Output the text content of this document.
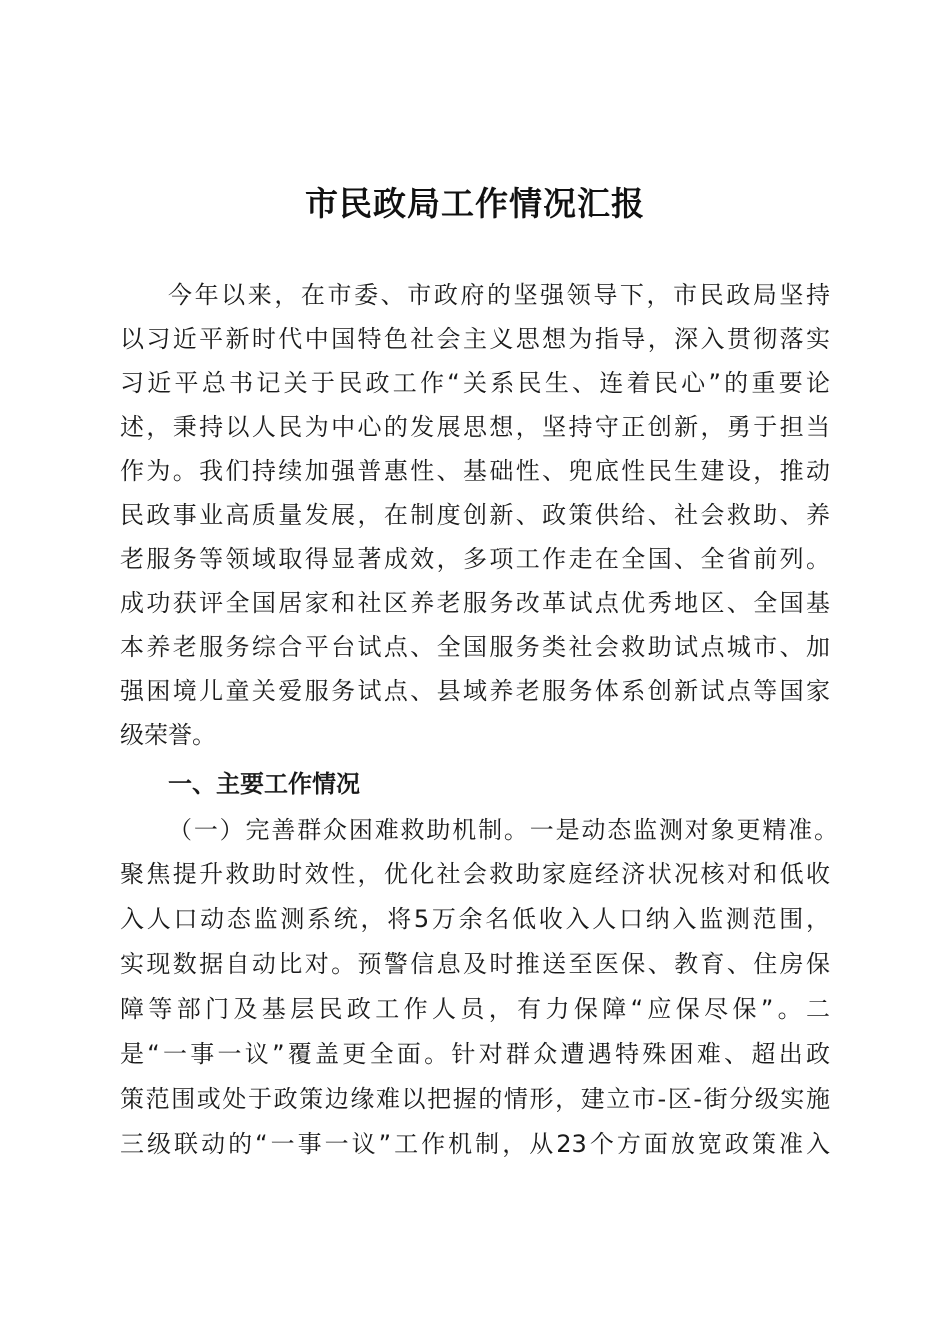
市民政局工作情况汇报

今年以来，在市委、市政府的坚强领导下，市民政局坚持

以习近平新时代中国特色社会主义思想为指导，深入贯彻落实

习近平总书记关于民政工作“关系民生、连着民心”的重要论

述，秉持以人民为中心的发展思想，坚持守正创新，勇于担当

作为。我们持续加强普惠性、基础性、兜底性民生建设，推动

民政事业高质量发展，在制度创新、政策供给、社会救助、养

老服务等领域取得显著成效，多项工作走在全国、全省前列。

成功获评全国居家和社区养老服务改革试点优秀地区、全国基

本养老服务综合平台试点、全国服务类社会救助试点城市、加

强困境儿童关爱服务试点、县域养老服务体系创新试点等国家

级荣誉。

一、主要工作情况

（一）完善群众困难救助机制。一是动态监测对象更精准。

聚焦提升救助时效性，优化社会救助家庭经济状况核对和低收

入人口动态监测系统，将5万余名低收入人口纳入监测范围，

实现数据自动比对。预警信息及时推送至医保、教育、住房保

障等部门及基层民政工作人员，有力保障“应保尽保”。二

是“一事一议”覆盖更全面。针对群众遭遇特殊困难、超出政

策范围或处于政策边缘难以把握的情形，建立市-区-街分级实施

三级联动的“一事一议”工作机制，从23个方面放宽政策准入
